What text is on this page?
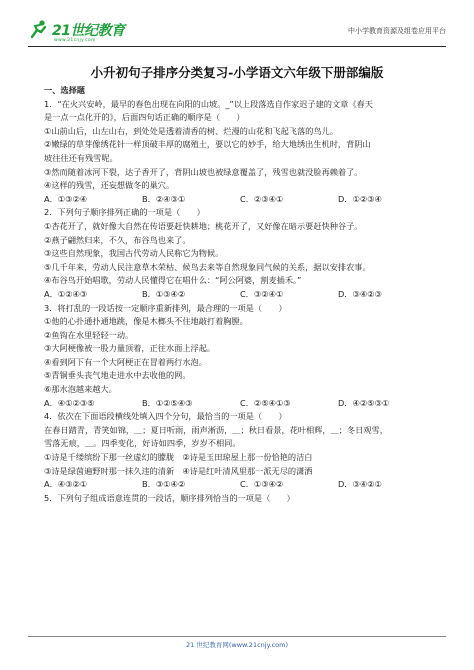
21世纪教育
www.21cnjy.com
中小学教育资源及组卷应用平台
小升初句子排序分类复习-小学语文六年级下册部编版

一、选择题

1．“在火兴安岭，最早的春色出现在向阳的山坡。_”以上段落选自作家迟子建的文章《春天

是一点一点化开的》，后面四句话正确的顺序是（　　）

①山前山后，山左山右，到处处是透着清香的树、烂漫的山花和飞起飞落的鸟儿。

②嫩绿的草芽像绣花针一样顶破丰厚的腐殖土，要以它的妙手，给大地绣出生机时，背阴山

坡往往还有残雪呢。

③然而随着冰河下裂，达子香开了，背阴山坡也被绿意覆盖了，残雪也就没脸再赖着了。

④这样的残雪，还妄想做冬的巢穴。

A．①③②④	B．②④③①	C．②③④①	D．①②③④

2．下列句子顺序排列正确的一项是（　　）

①杏花开了，就好像大自然在传语要赶快耕地；桃花开了，又好像在暗示要赶快种谷子。

②燕子翩然归来，不久，布谷鸟也来了。

③这些自然现象，我国古代劳动人民称它为物候。

⑤几千年来，劳动人民注意草木荣枯、候鸟去来等自然现象同气候的关系，据以安排农事。

④布谷鸟开始唱歌，劳动人民懂得它在唱什么：“阿公阿婆，割麦插禾。”

A．①②④③	B．①③④②	C．③②④①	D．③④②③

3．将打乱的一段话按一定顺序重新排列，最合理的一项是（　　）

①他的心扑通扑通地跳，像是木榔头不住地敲打着胸膛。

②鱼钩在水里轻轻一动。

③大阿梗像被一股力量顶着，正往水面上浮起。

④看到阿下有一个大阿梗正在冒着两行水泡。

⑤青铜垂头丧气地走进水中去收他的网。

⑥那水泡越来越大。

A．④①②③⑤	B．①②⑤④③	C．②⑤④①③	D．④②⑤③①

4．依次在下面语段横线处填入四个分句，最恰当的一项是（　　）

在春日踏青，青笑如锦，＿；夏日听雨，雨声淅沥，＿；秋日看景，花叶相辉，＿；冬日观雪，

雪落无痕，＿。四季变化，好诗如四季，岁岁不相同。

①诗是千缕缤纷下那一丝虚幻的朦胧　②诗是玉田琼屋上那一份恰艳的洁白

③诗是绿茵遍野时那一抹久违的清新　④诗是红叶清风里那一派无尽的潇洒

A．④③②①	B．③①④②	C．①③④②	D．③④②①

5．下列句子组成语意连贯的一段话，顺序排列恰当的一项是（　　）

21 世纪教育网(www.21cnjy.com)
